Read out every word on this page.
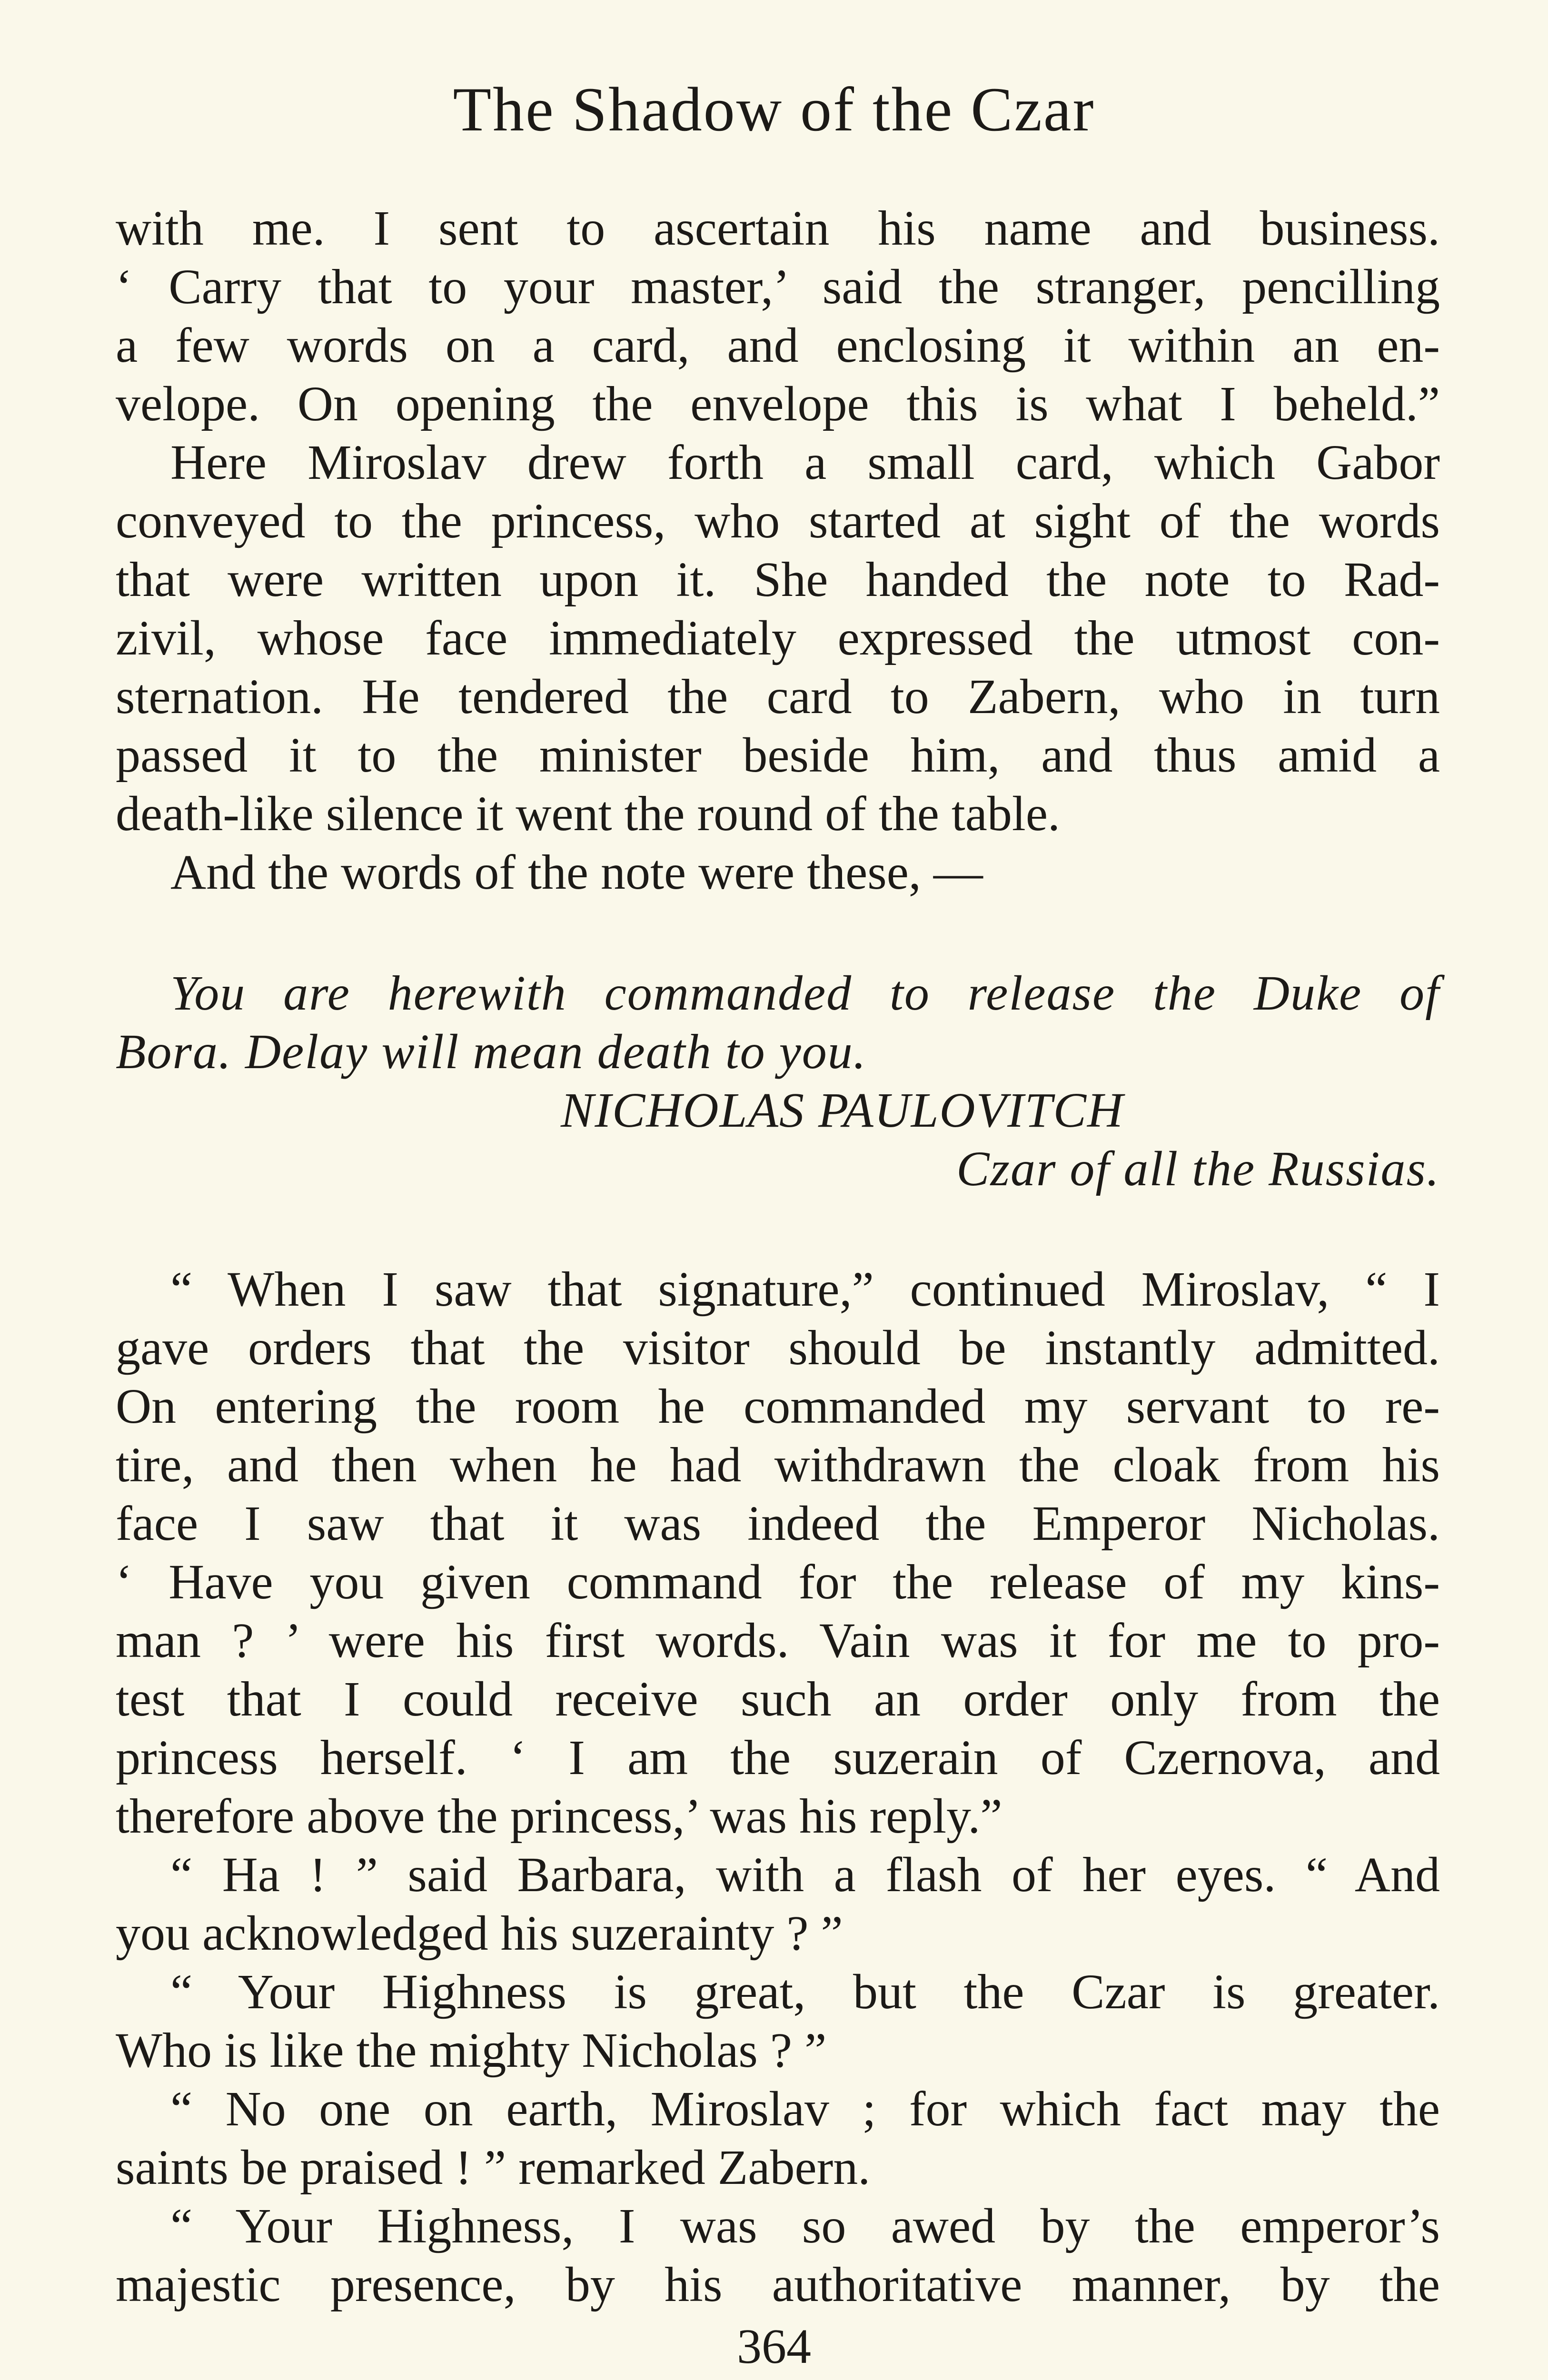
The Shadow of the Czar
with me. I sent to ascertain his name and business.
‘ Carry that to your master,’ said the stranger, pencilling
a few words on a card, and enclosing it within an en-
velope. On opening the envelope this is what I beheld.”
Here Miroslav drew forth a small card, which Gabor
conveyed to the princess, who started at sight of the words
that were written upon it. She handed the note to Rad-
zivil, whose face immediately expressed the utmost con-
sternation. He tendered the card to Zabern, who in turn
passed it to the minister beside him, and thus amid a
death-like silence it went the round of the table.
And the words of the note were these, —
You are herewith commanded to release the Duke of
Bora. Delay will mean death to you.
NICHOLAS PAULOVITCH
Czar of all the Russias.
“ When I saw that signature,” continued Miroslav, “ I
gave orders that the visitor should be instantly admitted.
On entering the room he commanded my servant to re-
tire, and then when he had withdrawn the cloak from his
face I saw that it was indeed the Emperor Nicholas.
‘ Have you given command for the release of my kins-
man ? ’ were his first words. Vain was it for me to pro-
test that I could receive such an order only from the
princess herself. ‘ I am the suzerain of Czernova, and
therefore above the princess,’ was his reply.”
“ Ha ! ” said Barbara, with a flash of her eyes. “ And
you acknowledged his suzerainty ? ”
“ Your Highness is great, but the Czar is greater.
Who is like the mighty Nicholas ? ”
“ No one on earth, Miroslav ; for which fact may the
saints be praised ! ” remarked Zabern.
“ Your Highness, I was so awed by the emperor’s
majestic presence, by his authoritative manner, by the
364
